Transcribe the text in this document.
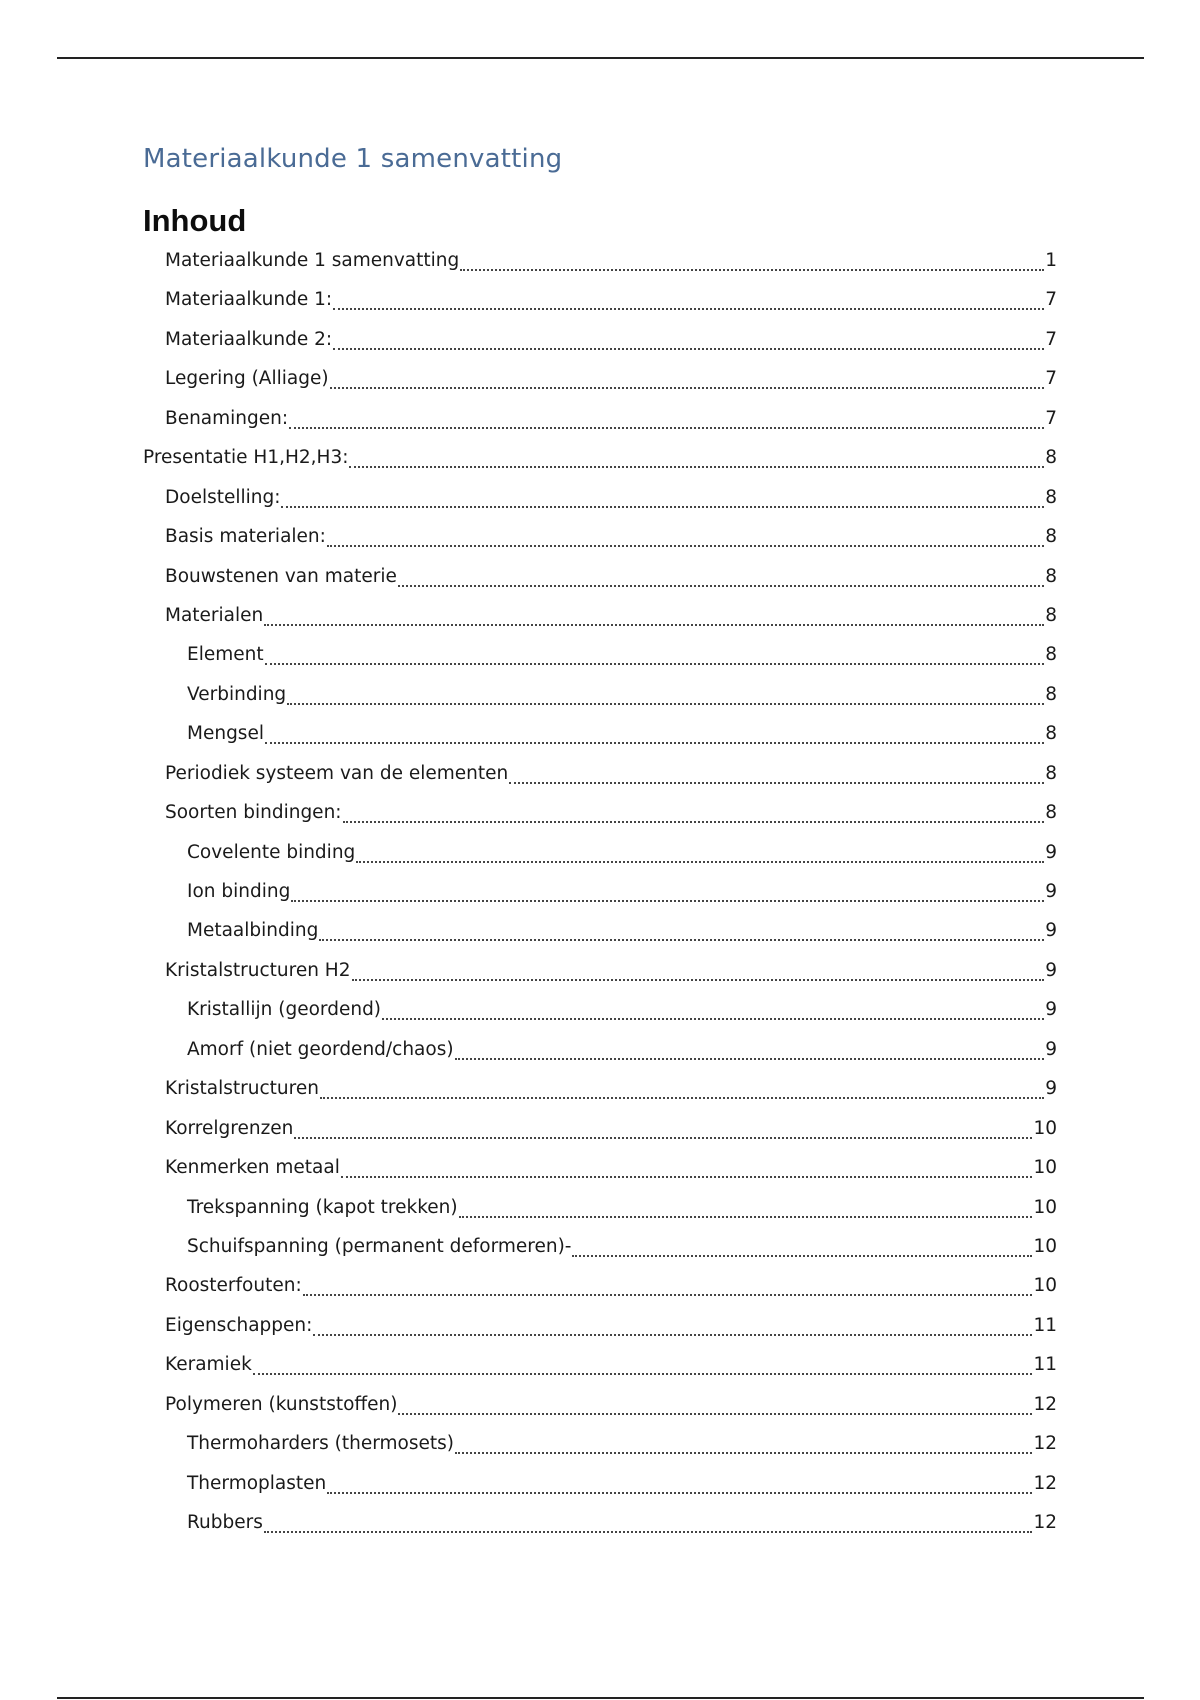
Materiaalkunde 1 samenvatting
Inhoud
Materiaalkunde 1 samenvatting	1
Materiaalkunde 1:	7
Materiaalkunde 2:	7
Legering (Alliage)	7
Benamingen:	7
Presentatie H1,H2,H3:	8
Doelstelling:	8
Basis materialen:	8
Bouwstenen van materie	8
Materialen	8
Element	8
Verbinding	8
Mengsel	8
Periodiek systeem van de elementen	8
Soorten bindingen:	8
Covelente binding	9
Ion binding	9
Metaalbinding	9
Kristalstructuren H2	9
Kristallijn (geordend)	9
Amorf (niet geordend/chaos)	9
Kristalstructuren	9
Korrelgrenzen	10
Kenmerken metaal	10
Trekspanning (kapot trekken)	10
Schuifspanning (permanent deformeren)-	10
Roosterfouten:	10
Eigenschappen:	11
Keramiek	11
Polymeren (kunststoffen)	12
Thermoharders (thermosets)	12
Thermoplasten	12
Rubbers	12
